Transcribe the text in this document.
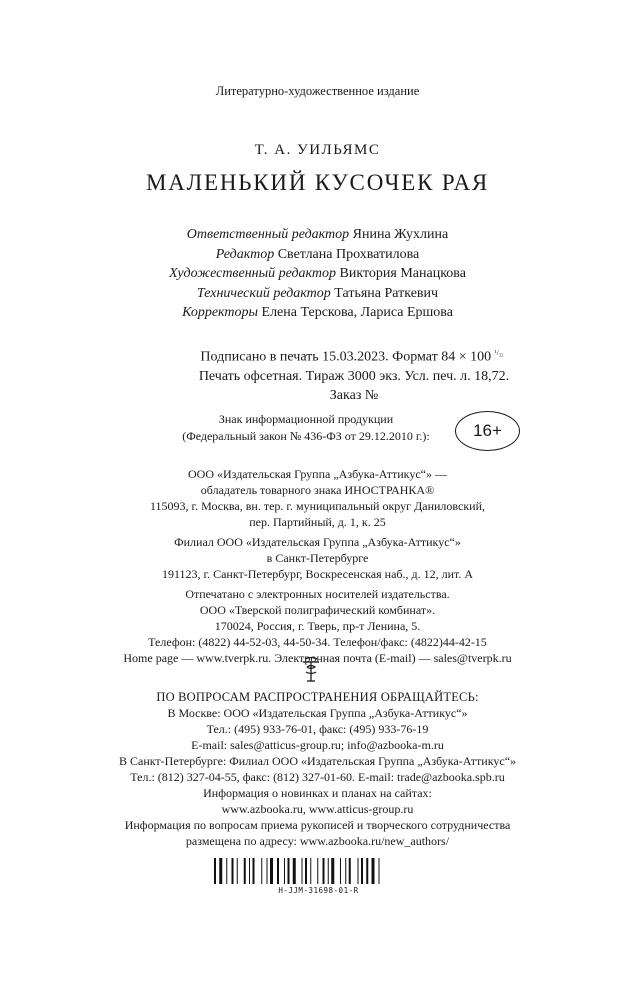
Литературно-художественное издание
Т. А. УИЛЬЯМС
МАЛЕНЬКИЙ КУСОЧЕК РАЯ
Ответственный редактор Янина Жухлина
Редактор Светлана Прохватилова
Художественный редактор Виктория Манацкова
Технический редактор Татьяна Раткевич
Корректоры Елена Терскова, Лариса Ершова
Подписано в печать 15.03.2023. Формат 84 × 100 $^{^1/_{32}}$
Печать офсетная. Тираж 3000 экз. Усл. печ. л. 18,72.
Заказ №
Знак информационной продукции
(Федеральный закон № 436-ФЗ от 29.12.2010 г.):	16+
ООО «Издательская Группа „Азбука-Аттикус“» —
обладатель товарного знака ИНОСТРАНКА®
115093, г. Москва, вн. тер. г. муниципальный округ Даниловский,
пер. Партийный, д. 1, к. 25
Филиал ООО «Издательская Группа „Азбука-Аттикус“»
в Санкт-Петербурге
191123, г. Санкт-Петербург, Воскресенская наб., д. 12, лит. А
Отпечатано с электронных носителей издательства.
ООО «Тверской полиграфический комбинат».
170024, Россия, г. Тверь, пр-т Ленина, 5.
Телефон: (4822) 44-52-03, 44-50-34. Телефон/факс: (4822)44-42-15
Home page — www.tverpk.ru. Электронная почта (E-mail) — sales@tverpk.ru
ПО ВОПРОСАМ РАСПРОСТРАНЕНИЯ ОБРАЩАЙТЕСЬ:
В Москве: ООО «Издательская Группа „Азбука-Аттикус“»
Тел.: (495) 933-76-01, факс: (495) 933-76-19
E-mail: sales@atticus-group.ru; info@azbooka-m.ru
В Санкт-Петербурге: Филиал ООО «Издательская Группа „Азбука-Аттикус“»
Тел.: (812) 327-04-55, факс: (812) 327-01-60. E-mail: trade@azbooka.spb.ru
Информация о новинках и планах на сайтах:
www.azbooka.ru, www.atticus-group.ru
Информация по вопросам приема рукописей и творческого сотрудничества
размещена по адресу: www.azbooka.ru/new_authors/
H-JJM-31698-01-R
